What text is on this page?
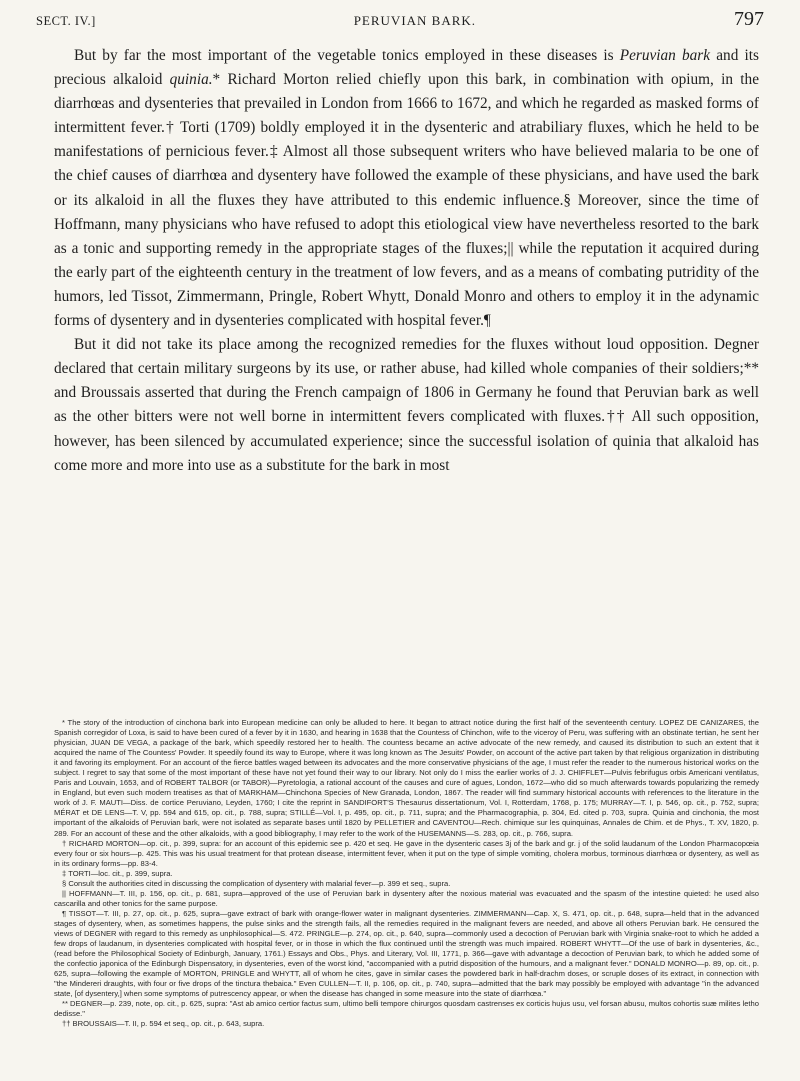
SECT. IV.]	PERUVIAN BARK.	797

But by far the most important of the vegetable tonics employed in these diseases is Peruvian bark and its precious alkaloid quinia.* Richard Morton relied chiefly upon this bark, in combination with opium, in the diarrhœas and dysenteries that prevailed in London from 1666 to 1672, and which he regarded as masked forms of intermittent fever.† Torti (1709) boldly employed it in the dysenteric and atrabiliary fluxes, which he held to be manifestations of pernicious fever.‡ Almost all those subsequent writers who have believed malaria to be one of the chief causes of diarrhœa and dysentery have followed the example of these physicians, and have used the bark or its alkaloid in all the fluxes they have attributed to this endemic influence.§ Moreover, since the time of Hoffmann, many physicians who have refused to adopt this etiological view have nevertheless resorted to the bark as a tonic and supporting remedy in the appropriate stages of the fluxes;|| while the reputation it acquired during the early part of the eighteenth century in the treatment of low fevers, and as a means of combating putridity of the humors, led Tissot, Zimmermann, Pringle, Robert Whytt, Donald Monro and others to employ it in the adynamic forms of dysentery and in dysenteries complicated with hospital fever.¶

But it did not take its place among the recognized remedies for the fluxes without loud opposition. Degner declared that certain military surgeons by its use, or rather abuse, had killed whole companies of their soldiers;** and Broussais asserted that during the French campaign of 1806 in Germany he found that Peruvian bark as well as the other bitters were not well borne in intermittent fevers complicated with fluxes.†† All such opposition, however, has been silenced by accumulated experience; since the successful isolation of quinia that alkaloid has come more and more into use as a substitute for the bark in most

* The story of the introduction of cinchona bark into European medicine can only be alluded to here. It began to attract notice during the first half of the seventeenth century. LOPEZ DE CANIZARES, the Spanish corregidor of Loxa, is said to have been cured of a fever by it in 1630, and hearing in 1638 that the Countess of Chinchon, wife to the viceroy of Peru, was suffering with an obstinate tertian, he sent her physician, JUAN DE VEGA, a package of the bark, which speedily restored her to health. The countess became an active advocate of the new remedy, and caused its distribution to such an extent that it acquired the name of The Countess' Powder. It speedily found its way to Europe, where it was long known as The Jesuits' Powder, on account of the active part taken by that religious organization in distributing it and favoring its employment. For an account of the fierce battles waged between its advocates and the more conservative physicians of the age, I must refer the reader to the numerous historical works on the subject. I regret to say that some of the most important of these have not yet found their way to our library. Not only do I miss the earlier works of J. J. CHIFFLET—Pulvis febrifugus orbis Americani ventilatus, Paris and Louvain, 1653, and of ROBERT TALBOR (or TABOR)—Pyretologia, a rational account of the causes and cure of agues, London, 1672—who did so much afterwards towards popularizing the remedy in England, but even such modern treatises as that of MARKHAM—Chinchona Species of New Granada, London, 1867. The reader will find summary historical accounts with references to the literature in the work of J. F. MAUTI—Diss. de cortice Peruviano, Leyden, 1760; I cite the reprint in SANDIFORT'S Thesaurus dissertationum, Vol. I, Rotterdam, 1768, p. 175; MURRAY—T. I, p. 546, op. cit., p. 752, supra; MÉRAT et DE LENS—T. V, pp. 594 and 615, op. cit., p. 788, supra; STILLÉ—Vol. I, p. 495, op. cit., p. 711, supra; and the Pharmacographia, p. 304, Ed. cited p. 703, supra. Quinia and cinchonia, the most important of the alkaloids of Peruvian bark, were not isolated as separate bases until 1820 by PELLETIER and CAVENTOU—Rech. chimique sur les quinquinas, Annales de Chim. et de Phys., T. XV, 1820, p. 289. For an account of these and the other alkaloids, with a good bibliography, I may refer to the work of the HUSEMANNS—S. 283, op. cit., p. 766, supra.

† RICHARD MORTON—op. cit., p. 399, supra: for an account of this epidemic see p. 420 et seq. He gave in the dysenteric cases 3j of the bark and gr. j of the solid laudanum of the London Pharmacopœia every four or six hours—p. 425. This was his usual treatment for that protean disease, intermittent fever, when it put on the type of simple vomiting, cholera morbus, torminous diarrhœa or dysentery, as well as in its ordinary forms—pp. 83-4.

‡ TORTI—loc. cit., p. 399, supra.

§ Consult the authorities cited in discussing the complication of dysentery with malarial fever—p. 399 et seq., supra.

|| HOFFMANN—T. III, p. 156, op. cit., p. 681, supra—approved of the use of Peruvian bark in dysentery after the noxious material was evacuated and the spasm of the intestine quieted: he used also cascarilla and other tonics for the same purpose.

¶ TISSOT—T. III, p. 27, op. cit., p. 625, supra—gave extract of bark with orange-flower water in malignant dysenteries. ZIMMERMANN—Cap. X, S. 471, op. cit., p. 648, supra—held that in the advanced stages of dysentery, when, as sometimes happens, the pulse sinks and the strength fails, all the remedies required in the malignant fevers are needed, and above all others Peruvian bark. He censured the views of DEGNER with regard to this remedy as unphilosophical—S. 472. PRINGLE—p. 274, op. cit., p. 640, supra—commonly used a decoction of Peruvian bark with Virginia snake-root to which he added a few drops of laudanum, in dysenteries complicated with hospital fever, or in those in which the flux continued until the strength was much impaired. ROBERT WHYTT—Of the use of bark in dysenteries, &c., (read before the Philosophical Society of Edinburgh, January, 1761.) Essays and Obs., Phys. and Literary, Vol. III, 1771, p. 366—gave with advantage a decoction of Peruvian bark, to which he added some of the confectio japonica of the Edinburgh Dispensatory, in dysenteries, even of the worst kind, "accompanied with a putrid disposition of the humours, and a malignant fever." DONALD MONRO—p. 89, op. cit., p. 625, supra—following the example of MORTON, PRINGLE and WHYTT, all of whom he cites, gave in similar cases the powdered bark in half-drachm doses, or scruple doses of its extract, in connection with "the Mindereri draughts, with four or five drops of the tinctura thebaica." Even CULLEN—T. II, p. 106, op. cit., p. 740, supra—admitted that the bark may possibly be employed with advantage "in the advanced state, [of dysentery,] when some symptoms of putrescency appear, or when the disease has changed in some measure into the state of diarrhœa."

** DEGNER—p. 239, note, op. cit., p. 625, supra: "Ast ab amico certior factus sum, ultimo belli tempore chirurgos quosdam castrenses ex corticis hujus usu, vel forsan abusu, multos cohortis suæ milites letho dedisse."

†† BROUSSAIS—T. II, p. 594 et seq., op. cit., p. 643, supra.
